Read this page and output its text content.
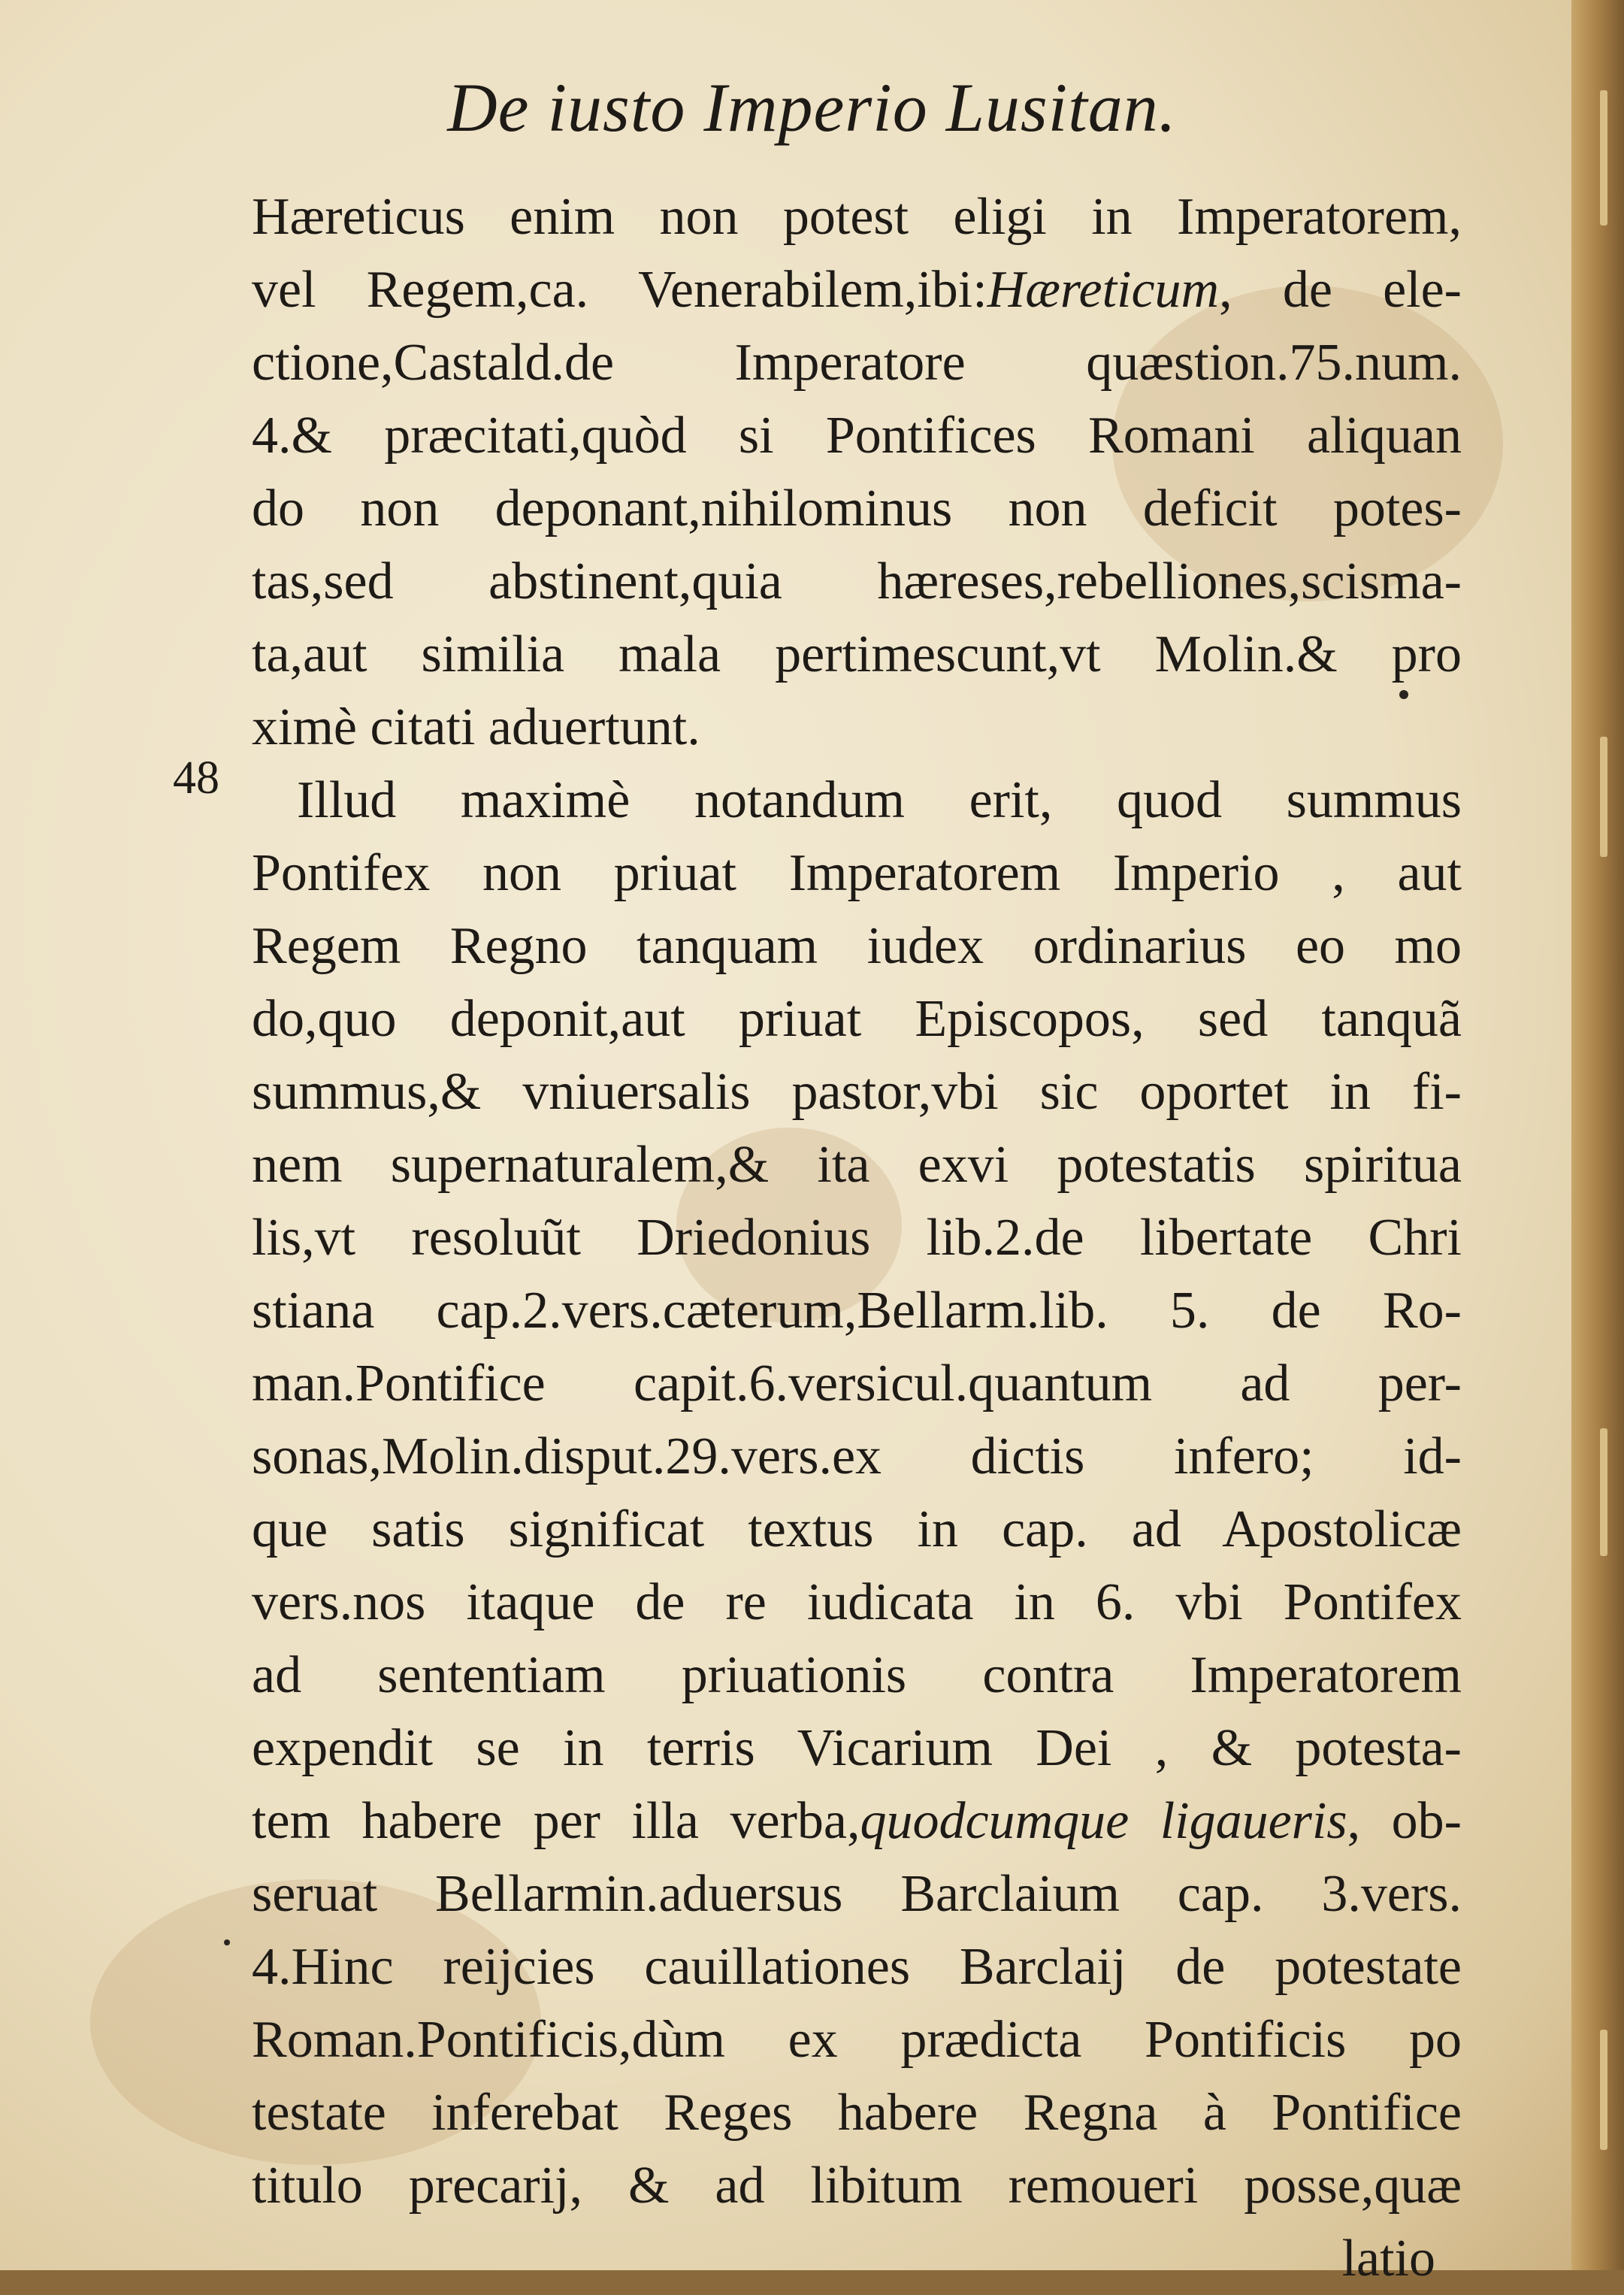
De iusto Imperio Lusitan.
48
Hæreticus enim non potest eligi in Imperatorem,
vel Regem,ca. Venerabilem,ibi:Hæreticum, de ele-
ctione,Castald.de Imperatore quæstion.75.num.
4.& præcitati,quòd si Pontifices Romani aliquan
do non deponant,nihilominus non deficit potes-
tas,sed abstinent,quia hæreses,rebelliones,scisma-
ta,aut similia mala pertimescunt,vt Molin.& pro
ximè citati aduertunt.
Illud maximè notandum erit, quod summus
Pontifex non priuat Imperatorem Imperio , aut
Regem Regno tanquam iudex ordinarius eo mo
do,quo deponit,aut priuat Episcopos, sed tanquã
summus,& vniuersalis pastor,vbi sic oportet in fi-
nem supernaturalem,& ita exvi potestatis spiritua
lis,vt resoluũt Driedonius lib.2.de libertate Chri
stiana cap.2.vers.cæterum,Bellarm.lib. 5. de Ro-
man.Pontifice capit.6.versicul.quantum ad per-
sonas,Molin.disput.29.vers.ex dictis infero; id-
que satis significat textus in cap. ad Apostolicæ
vers.nos itaque de re iudicata in 6. vbi Pontifex
ad sententiam priuationis contra Imperatorem
expendit se in terris Vicarium Dei , & potesta-
tem habere per illa verba,quodcumque ligaueris, ob-
seruat Bellarmin.aduersus Barclaium cap. 3.vers.
4.Hinc reijcies cauillationes Barclaij de potestate
Roman.Pontificis,dùm ex prædicta Pontificis po
testate inferebat Reges habere Regna à Pontifice
titulo precarij, & ad libitum remoueri posse,quæ
latio
